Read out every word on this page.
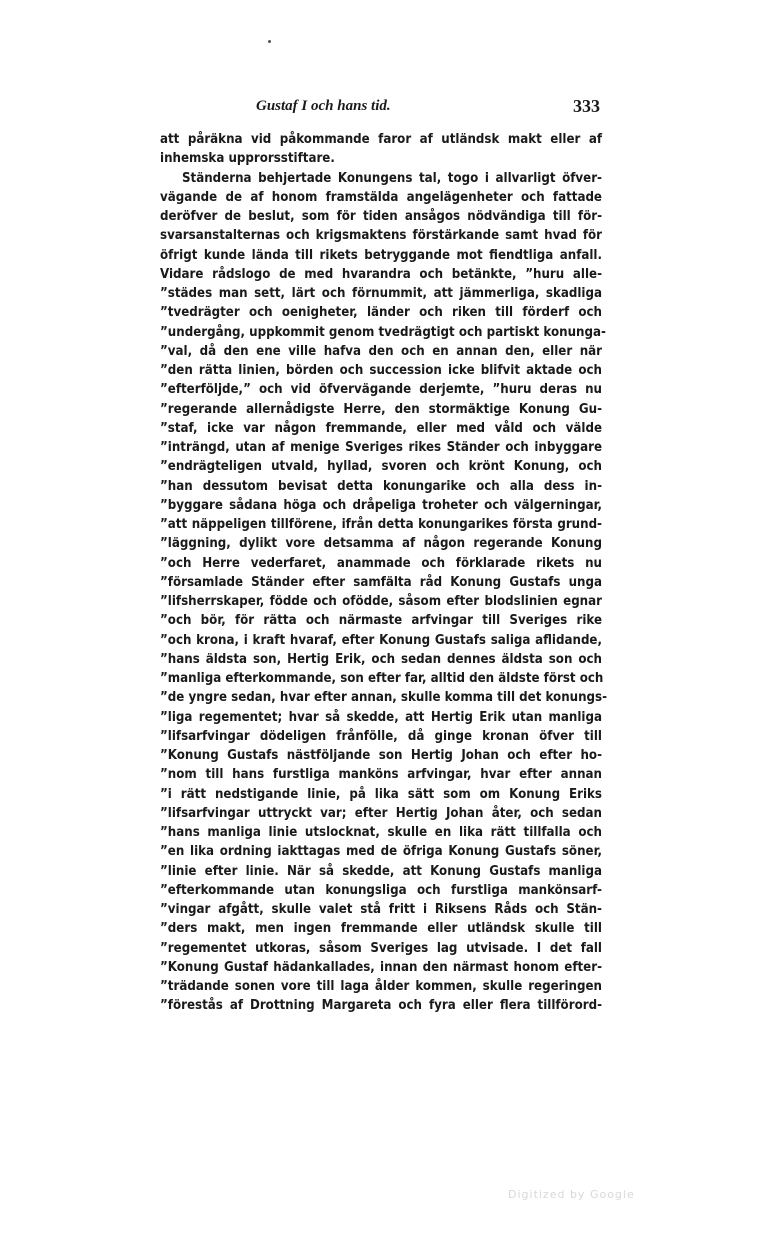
Gustaf I och hans tid.	333
att påräkna vid påkommande faror af utländsk makt eller af
inhemska upprorsstiftare.
Ständerna behjertade Konungens tal, togo i allvarligt öfver-
vägande de af honom framstälda angelägenheter och fattade
deröfver de beslut, som för tiden ansågos nödvändiga till för-
svarsanstalternas och krigsmaktens förstärkande samt hvad för
öfrigt kunde lända till rikets betryggande mot fiendtliga anfall.
Vidare rådslogo de med hvarandra och betänkte, ”huru alle-
”städes man sett, lärt och förnummit, att jämmerliga, skadliga
”tvedrägter och oenigheter, länder och riken till förderf och
”undergång, uppkommit genom tvedrägtigt och partiskt konunga-
”val, då den ene ville hafva den och en annan den, eller när
”den rätta linien, börden och succession icke blifvit aktade och
”efterföljde,” och vid öfvervägande derjemte, ”huru deras nu
”regerande allernådigste Herre, den stormäktige Konung Gu-
”staf, icke var någon fremmande, eller med våld och välde
”inträngd, utan af menige Sveriges rikes Ständer och inbyggare
”endrägteligen utvald, hyllad, svoren och krönt Konung, och
”han dessutom bevisat detta konungarike och alla dess in-
”byggare sådana höga och dråpeliga troheter och välgerningar,
”att näppeligen tillförene, ifrån detta konungarikes första grund-
”läggning, dylikt vore detsamma af någon regerande Konung
”och Herre vederfaret, anammade och förklarade rikets nu
”församlade Ständer efter samfälta råd Konung Gustafs unga
”lifsherrskaper, födde och ofödde, såsom efter blodslinien egnar
”och bör, för rätta och närmaste arfvingar till Sveriges rike
”och krona, i kraft hvaraf, efter Konung Gustafs saliga aflidande,
”hans äldsta son, Hertig Erik, och sedan dennes äldsta son och
”manliga efterkommande, son efter far, alltid den äldste först och
”de yngre sedan, hvar efter annan, skulle komma till det konungs-
”liga regementet; hvar så skedde, att Hertig Erik utan manliga
”lifsarfvingar dödeligen frånfölle, då ginge kronan öfver till
”Konung Gustafs nästföljande son Hertig Johan och efter ho-
”nom till hans furstliga manköns arfvingar, hvar efter annan
”i rätt nedstigande linie, på lika sätt som om Konung Eriks
”lifsarfvingar uttryckt var; efter Hertig Johan åter, och sedan
”hans manliga linie utslocknat, skulle en lika rätt tillfalla och
”en lika ordning iakttagas med de öfriga Konung Gustafs söner,
”linie efter linie. När så skedde, att Konung Gustafs manliga
”efterkommande utan konungsliga och furstliga mankönsarf-
”vingar afgått, skulle valet stå fritt i Riksens Råds och Stän-
”ders makt, men ingen fremmande eller utländsk skulle till
”regementet utkoras, såsom Sveriges lag utvisade. I det fall
”Konung Gustaf hädankallades, innan den närmast honom efter-
”trädande sonen vore till laga ålder kommen, skulle regeringen
”förestås af Drottning Margareta och fyra eller flera tillförord-
Digitized by Google
